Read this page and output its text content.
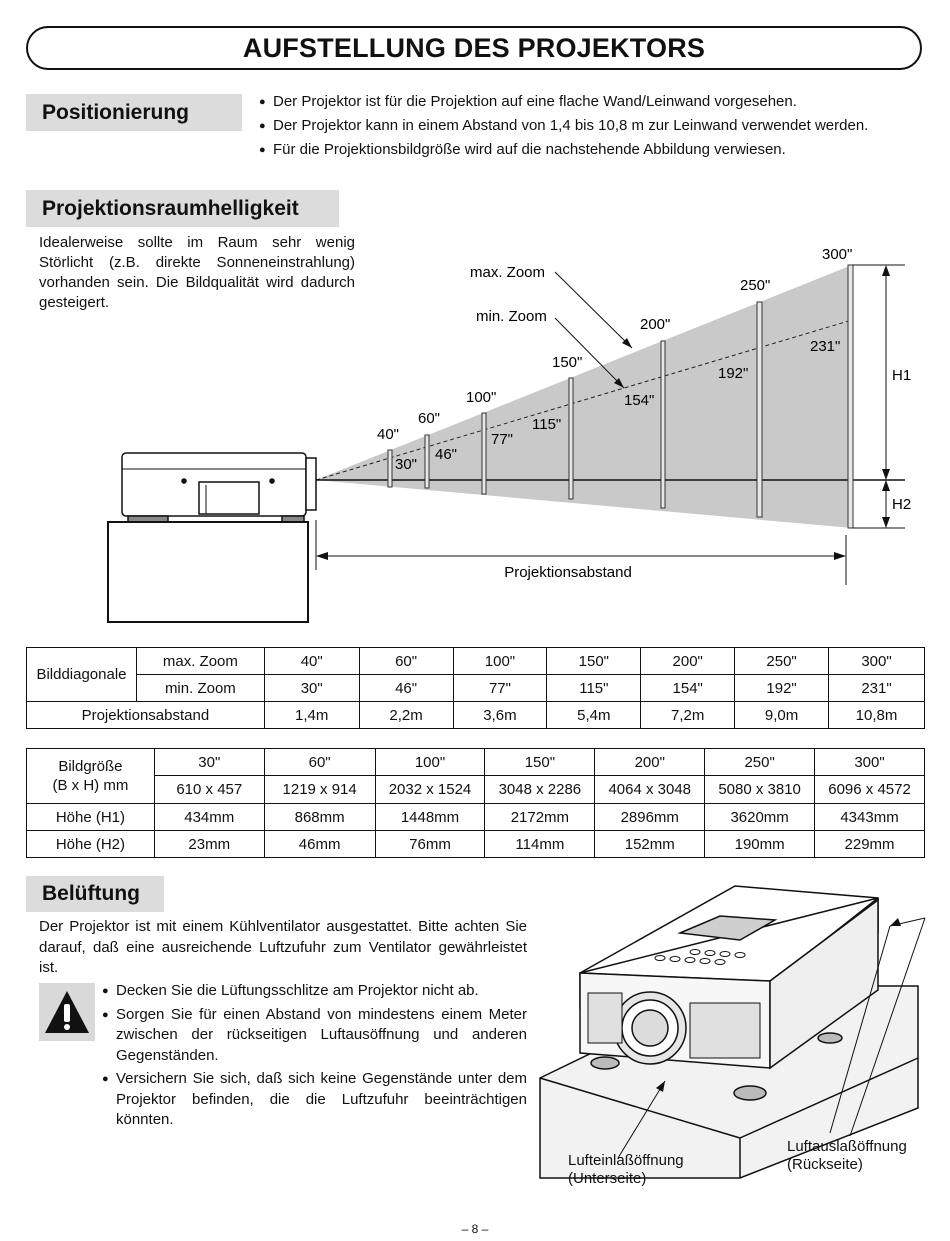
AUFSTELLUNG DES PROJEKTORS
Positionierung	● Der Projektor ist für die Projektion auf eine flache Wand/Leinwand vorgesehen.
● Der Projektor kann in einem Abstand von 1,4 bis 10,8 m zur Leinwand verwendet werden.
● Für die Projektionsbildgröße wird auf die nachstehende Abbildung verwiesen.
Projektionsraumhelligkeit
Idealerweise sollte im Raum sehr wenig Störlicht (z.B. direkte Sonneneinstrahlung) vorhanden sein. Die Bildqualität wird dadurch gesteigert.
H1
H2
Projektionsabstand
max. Zoom
min. Zoom
40"
60"
100"
150"
200"
250"
300"
30"
46"
77"
115"
154"
192"
231"
Bilddiagonale	max. Zoom	40"	60"	100"	150"	200"	250"	300"
	min. Zoom	30"	46"	77"	115"	154"	192"	231"
Projektionsabstand		1,4m	2,2m	3,6m	5,4m	7,2m	9,0m	10,8m
Bildgröße
(B x H) mm	30"	60"	100"	150"	200"	250"	300"
	610 x 457	1219 x 914	2032 x 1524	3048 x 2286	4064 x 3048	5080 x 3810	6096 x 4572
Höhe (H1)	434mm	868mm	1448mm	2172mm	2896mm	3620mm	4343mm
Höhe (H2)	23mm	46mm	76mm	114mm	152mm	190mm	229mm
Belüftung
Der Projektor ist mit einem Kühlventilator ausgestattet. Bitte achten Sie darauf, daß eine ausreichende Luftzufuhr zum Ventilator gewährleistet ist.
● Decken Sie die Lüftungsschlitze am Projektor nicht ab.
● Sorgen Sie für einen Abstand von mindestens einem Meter zwischen der rückseitigen Luftausöffnung und anderen Gegenständen.
● Versichern Sie sich, daß sich keine Gegenstände unter dem Projektor befinden, die die Luftzufuhr beeinträchtigen könnten.
Lufteinlaßöffnung
(Unterseite)
Luftauslaßöffnung
(Rückseite)
– 8 –
